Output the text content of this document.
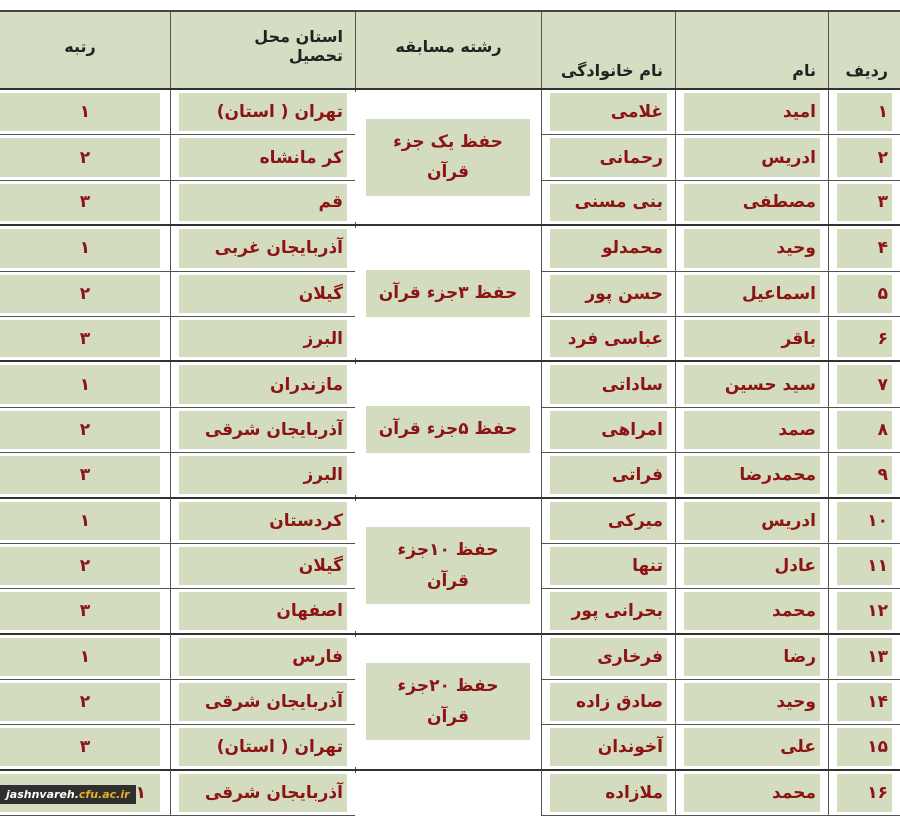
ردیف
نام
نام خانوادگی
رشته مسابقه
استان محل تحصیل
رتبه
۱
امید
غلامی
تهران ( استان)
۱
۲
ادریس
رحمانی
کر مانشاه
۲
۳
مصطفی
بنی مسنی
قم
۳
۴
وحید
محمدلو
آذربایجان غربی
۱
۵
اسماعیل
حسن پور
گیلان
۲
۶
باقر
عباسی فرد
البرز
۳
۷
سید حسین
ساداتی
مازندران
۱
۸
صمد
امراهی
آذربایجان شرقی
۲
۹
محمدرضا
فراتی
البرز
۳
۱۰
ادریس
میرکی
کردستان
۱
۱۱
عادل
تنها
گیلان
۲
۱۲
محمد
بحرانی پور
اصفهان
۳
۱۳
رضا
فرخاری
فارس
۱
۱۴
وحید
صادق زاده
آذربایجان شرقی
۲
۱۵
علی
آخوندان
تهران ( استان)
۳
۱۶
محمد
ملازاده
آذربایجان شرقی
۱
حفظ یک جزء قرآن
حفظ ۳جزء قرآن
حفظ ۵جزء قرآن
حفظ ۱۰جزء قرآن
حفظ ۲۰جزء قرآن
jashnvareh.cfu.ac.ir
